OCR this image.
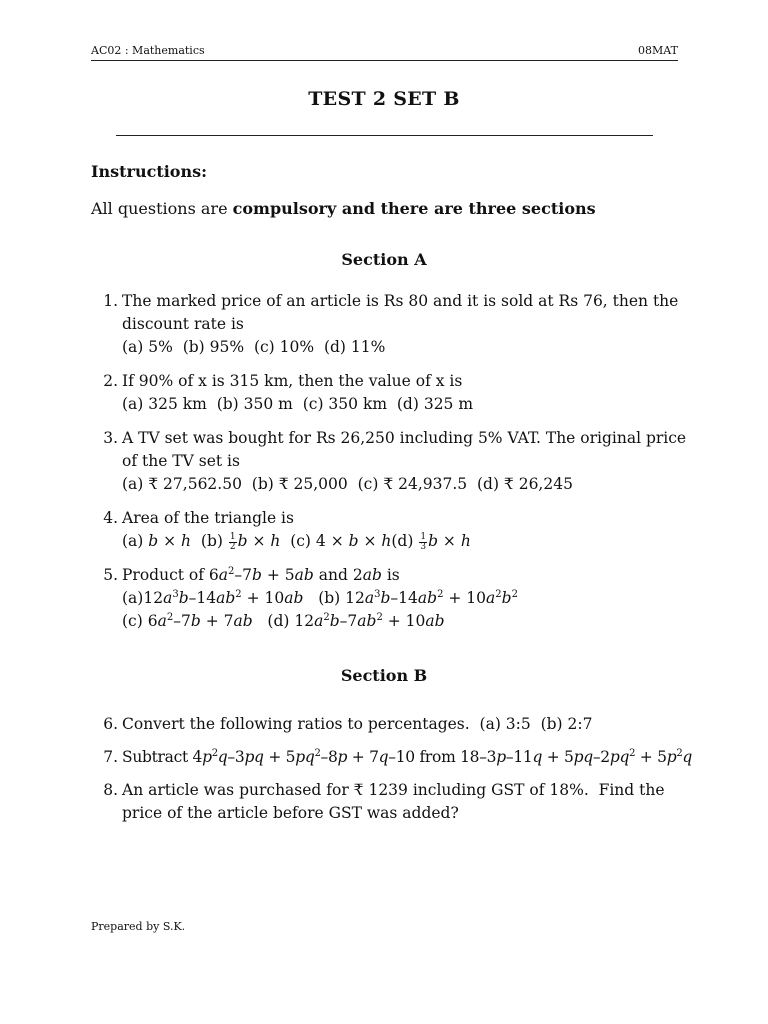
AC02 : Mathematics	08MAT
TEST 2 SET B
Instructions:
All questions are compulsory and there are three sections
Section A
1. The marked price of an article is Rs 80 and it is sold at Rs 76, then the
discount rate is
(a) 5%  (b) 95%  (c) 10%  (d) 11%
2. If 90% of x is 315 km, then the value of x is
(a) 325 km  (b) 350 m  (c) 350 km  (d) 325 m
3. A TV set was bought for Rs 26,250 including 5% VAT. The original price
of the TV set is
(a) ₹ 27,562.50  (b) ₹ 25,000  (c) ₹ 24,937.5  (d) ₹ 26,245
4. Area of the triangle is
(a) b × h $(b) \frac{1}{2}$ b × h (c) $4 \times b \times h(d) \frac{1}{3}$ b × h
5. Product of $6a^2-7b + 5ab$ and 2ab is
$(a)12a^3b-14ab^2 + 10ab$ (b) $12a^3b-14ab^2 + 10a^2b^2$
(c) $6a^2-7b + 7ab$ (d) $12a^2b-7ab^2 + 10ab$
Section B
6. Convert the following ratios to percentages.  (a) 3:5  (b) 2:7
7. Subtract $4p^2q-3pq + 5pq^2-8p + 7q-10$ from $18-3p-11q + 5pq-2pq^2 + 5p^2q$
8. An article was purchased for ₹ 1239 including GST of 18%.  Find the
price of the article before GST was added?
Prepared by S.K.
